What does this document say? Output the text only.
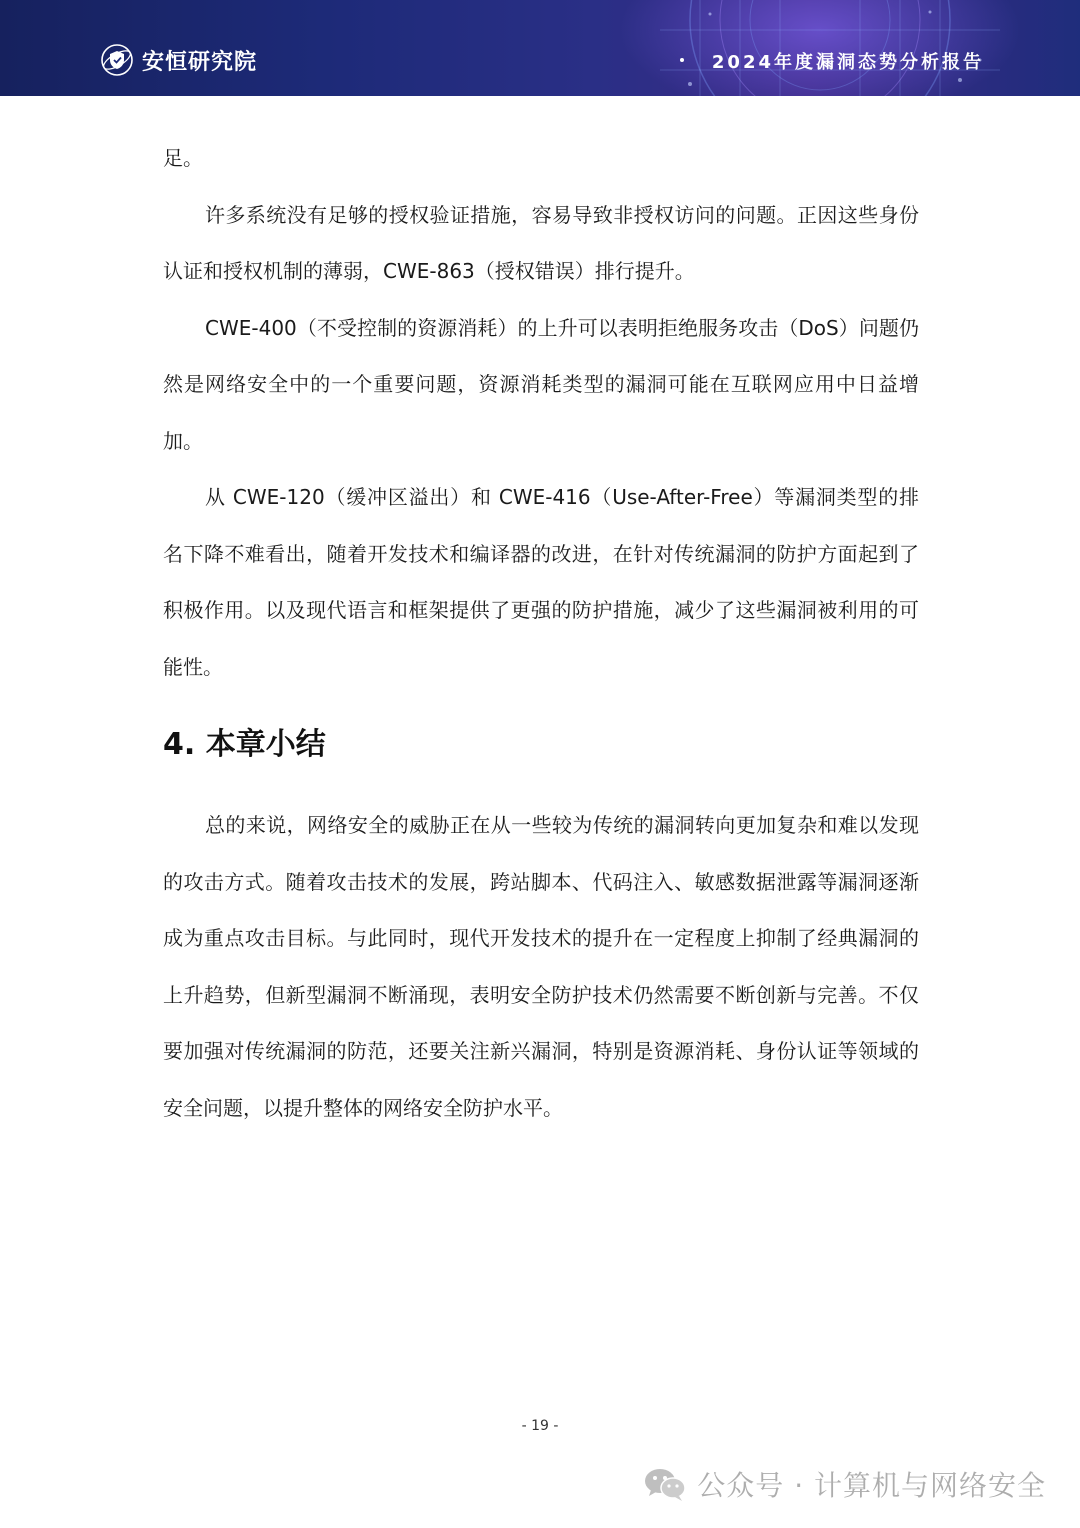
安恒研究院	2024年度漏洞态势分析报告

足。

许多系统没有足够的授权验证措施，容易导致非授权访问的问题。正因这些身份认证和授权机制的薄弱，CWE-863（授权错误）排行提升。

CWE-400（不受控制的资源消耗）的上升可以表明拒绝服务攻击（DoS）问题仍然是网络安全中的一个重要问题，资源消耗类型的漏洞可能在互联网应用中日益增加。

从 CWE-120（缓冲区溢出）和 CWE-416（Use-After-Free）等漏洞类型的排名下降不难看出，随着开发技术和编译器的改进，在针对传统漏洞的防护方面起到了积极作用。以及现代语言和框架提供了更强的防护措施，减少了这些漏洞被利用的可能性。

4. 本章小结

总的来说，网络安全的威胁正在从一些较为传统的漏洞转向更加复杂和难以发现的攻击方式。随着攻击技术的发展，跨站脚本、代码注入、敏感数据泄露等漏洞逐渐成为重点攻击目标。与此同时，现代开发技术的提升在一定程度上抑制了经典漏洞的上升趋势，但新型漏洞不断涌现，表明安全防护技术仍然需要不断创新与完善。不仅要加强对传统漏洞的防范，还要关注新兴漏洞，特别是资源消耗、身份认证等领域的安全问题，以提升整体的网络安全防护水平。

- 19 -
公众号 · 计算机与网络安全
